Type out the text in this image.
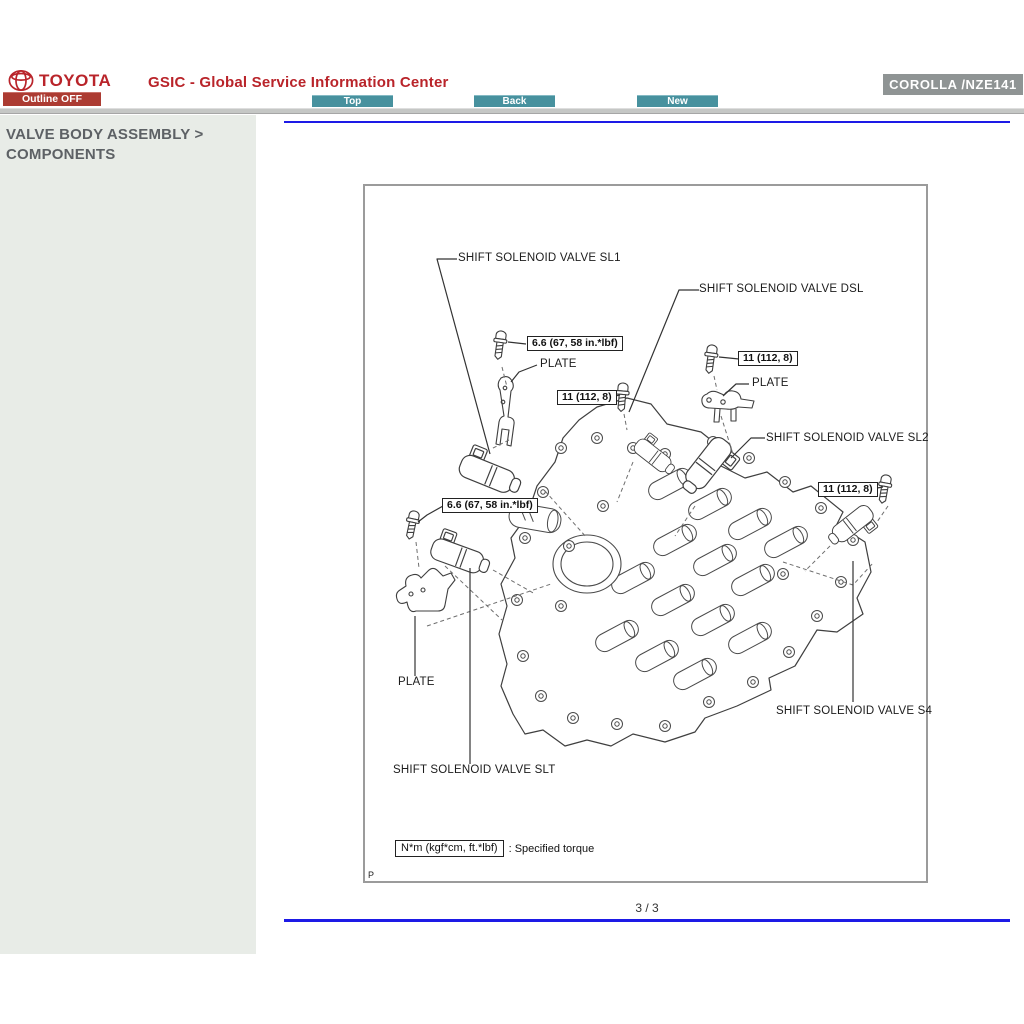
TOYOTA GSIC - Global Service Information Center	COROLLA /NZE141
Outline OFF	Top	Back	New
VALVE BODY ASSEMBLY > COMPONENTS
SHIFT SOLENOID VALVE SL1
SHIFT SOLENOID VALVE DSL
SHIFT SOLENOID VALVE SL2
SHIFT SOLENOID VALVE S4
SHIFT SOLENOID VALVE SLT
PLATE
PLATE
PLATE
6.6 (67, 58 in.*lbf)
11 (112, 8)
11 (112, 8)
11 (112, 8)
6.6 (67, 58 in.*lbf)
N*m (kgf*cm, ft.*lbf)	: Specified torque
P
3 / 3
